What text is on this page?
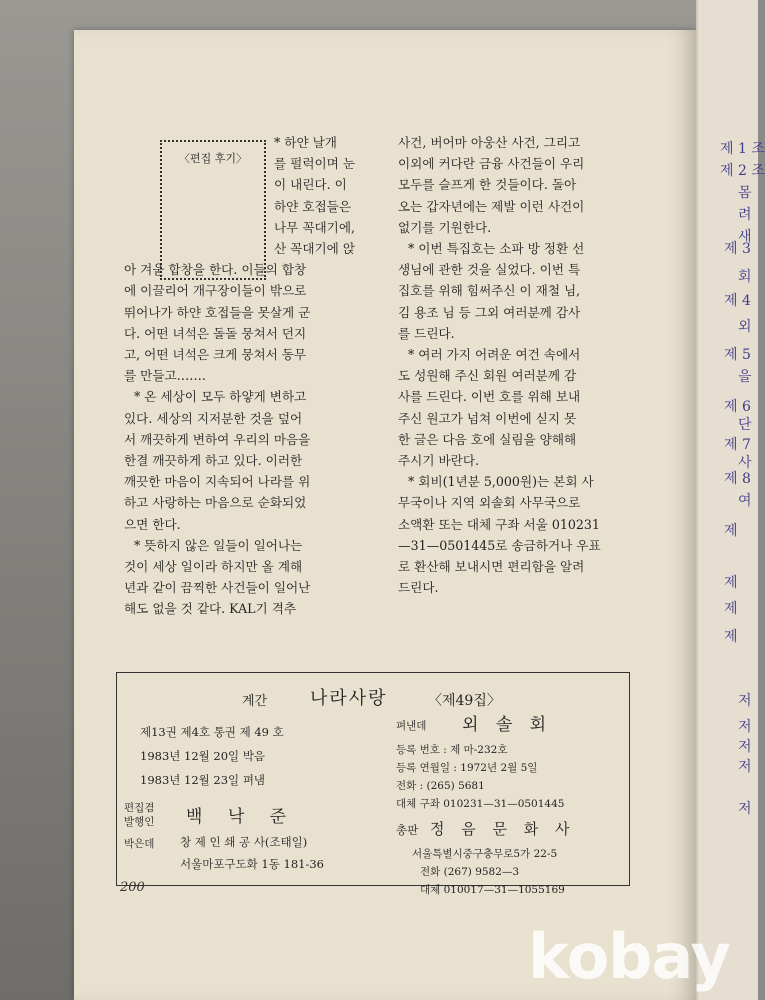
제 1 조
제 2 조
몸
려
새
제 3
회
제 4
외
제 5
을
제 6
단
제 7
사
제 8
여
제
제
제
제
저
저
저
저
저
〈편집 후기〉

* 하얀 날개

를 펄럭이며 눈

이 내린다. 이

하얀 호접들은

나무 꼭대기에,

산 꼭대기에 앉

아 겨울 합창을 한다. 이들의 합창

에 이끌리어 개구장이들이 밖으로

뛰어나가 하얀 호접들을 못살게 군

다. 어떤 녀석은 돌돌 뭉쳐서 던지

고, 어떤 녀석은 크게 뭉쳐서 동무

를 만들고…….

* 온 세상이 모두 하얗게 변하고

있다. 세상의 지저분한 것을 덮어

서 깨끗하게 변하여 우리의 마음을

한결 깨끗하게 하고 있다. 이러한

깨끗한 마음이 지속되어 나라를 위

하고 사랑하는 마음으로 순화되었

으면 한다.

* 뜻하지 않은 일들이 일어나는

것이 세상 일이라 하지만 올 계해

년과 같이 끔찍한 사건들이 일어난

해도 없을 것 같다. KAL기 격추

사건, 버어마 아웅산 사건, 그리고

이외에 커다란 금융 사건들이 우리

모두를 슬프게 한 것들이다. 돌아

오는 갑자년에는 제발 이런 사건이

없기를 기원한다.

* 이번 특집호는 소파 방 정환 선

생님에 관한 것을 실었다. 이번 특

집호를 위해 힘써주신 이 재철 님,

김 용조 님 등 그외 여러분께 감사

를 드린다.

* 여러 가지 어려운 여건 속에서

도 성원해 주신 회원 여러분께 감

사를 드린다. 이번 호를 위해 보내

주신 원고가 넘쳐 이번에 싣지 못

한 글은 다음 호에 실림을 양해해

주시기 바란다.

* 회비(1년분 5,000원)는 본회 사

무국이나 지역 외솔회 사무국으로

소액환 또는 대체 구좌 서울 010231

—31—0501445로 송금하거나 우표

로 환산해 보내시면 편리함을 알려

드린다.

계간 나라사랑	〈제49집〉
제13권 제4호 통권 제 49 호
1983년 12월 20일 박음
1983년 12월 23일 펴냄
편집겸
발행인 백 낙 준
박은데 창 제 인 쇄 공 사(조태일)
서울마포구도화 1동 181-36
펴낸데 외 솔 회
등록 번호 : 제 마-232호
등록 연월일 : 1972년 2월 5일
전화 : (265) 5681
대체 구좌 010231—31—0501445
총판 정 음 문 화 사
서울특별시중구충무로5가 22-5
전화 (267) 9582—3
대체 010017—31—1055169
200
kobay
